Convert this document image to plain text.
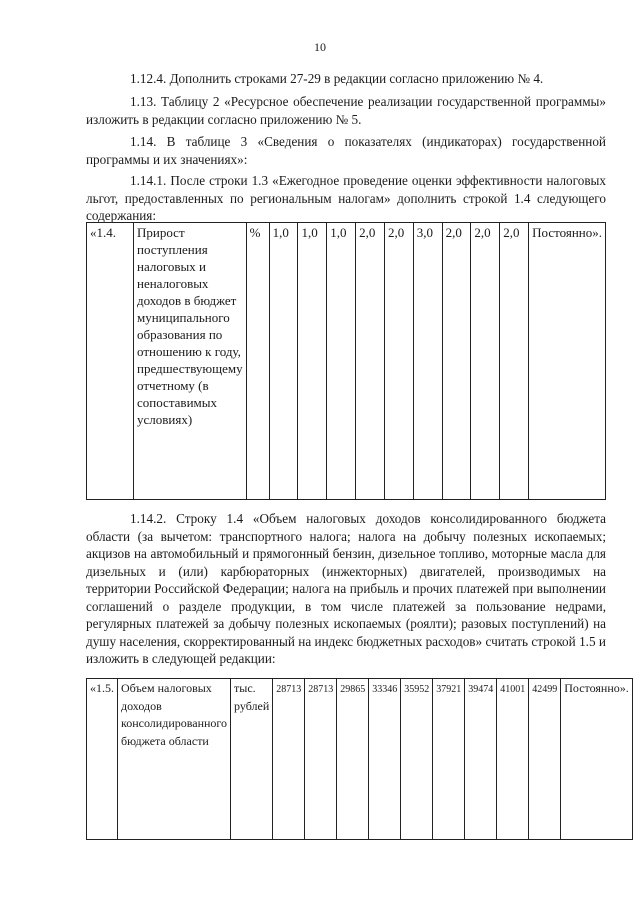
10

1.12.4. Дополнить строками 27-29 в редакции согласно приложению № 4.

1.13. Таблицу 2 «Ресурсное обеспечение реализации государственной программы» изложить в редакции согласно приложению № 5.

1.14. В таблице 3 «Сведения о показателях (индикаторах) государственной программы и их значениях»:

1.14.1. После строки 1.3 «Ежегодное проведение оценки эффективности налоговых льгот, предоставленных по региональным налогам» дополнить строкой 1.4 следующего содержания:

«1.4.	Прирост поступления налоговых и неналоговых доходов в бюджет муниципального образования по отношению к году, предшествующему отчетному (в сопоставимых условиях)	%	1,0	1,0	1,0	2,0	2,0	3,0	2,0	2,0	2,0	Постоянно».

1.14.2. Строку 1.4 «Объем налоговых доходов консолидированного бюджета области (за вычетом: транспортного налога; налога на добычу полезных ископаемых; акцизов на автомобильный и прямогонный бензин, дизельное топливо, моторные масла для дизельных и (или) карбюраторных (инжекторных) двигателей, производимых на территории Российской Федерации; налога на прибыль и прочих платежей при выполнении соглашений о разделе продукции, в том числе платежей за пользование недрами, регулярных платежей за добычу полезных ископаемых (роялти); разовых поступлений) на душу населения, скорректированный на индекс бюджетных расходов» считать строкой 1.5 и изложить в следующей редакции:

«1.5.	Объем налоговых доходов консолидированного бюджета области	тыс. рублей	28713	28713	29865	33346	35952	37921	39474	41001	42499	Постоянно».
